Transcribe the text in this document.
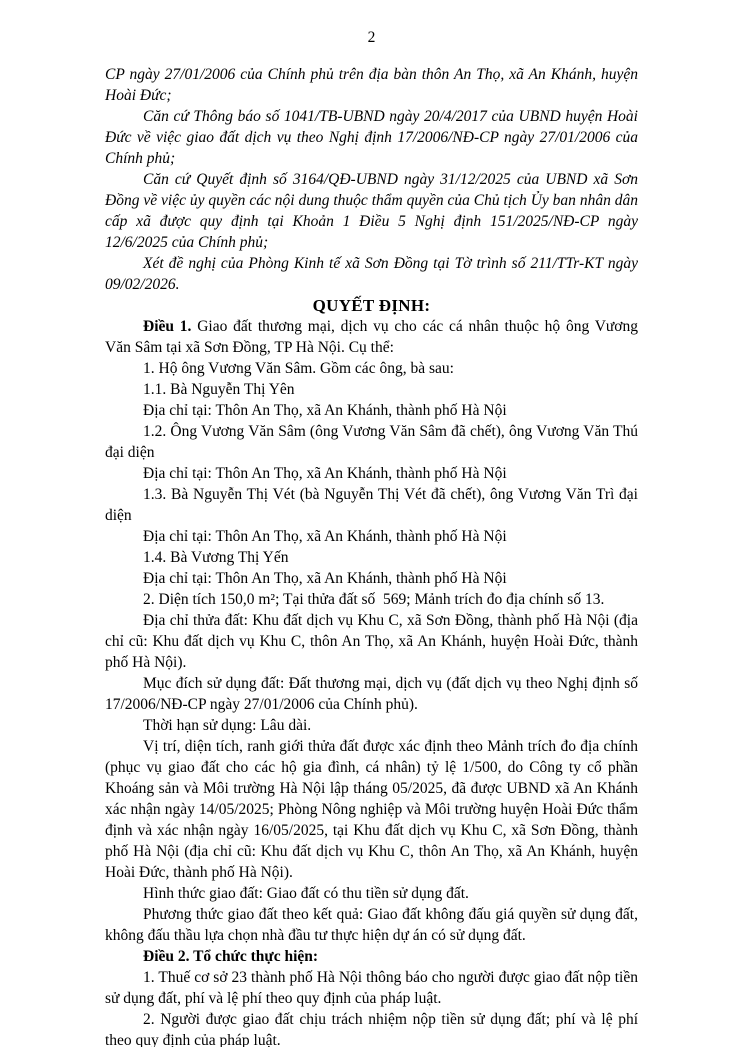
2

CP ngày 27/01/2006 của Chính phủ trên địa bàn thôn An Thọ, xã An Khánh, huyện Hoài Đức;

Căn cứ Thông báo số 1041/TB-UBND ngày 20/4/2017 của UBND huyện Hoài Đức về việc giao đất dịch vụ theo Nghị định 17/2006/NĐ-CP ngày 27/01/2006 của Chính phủ;

Căn cứ Quyết định số 3164/QĐ-UBND ngày 31/12/2025 của UBND xã Sơn Đồng về việc ủy quyền các nội dung thuộc thẩm quyền của Chủ tịch Ủy ban nhân dân cấp xã được quy định tại Khoản 1 Điều 5 Nghị định 151/2025/NĐ-CP ngày 12/6/2025 của Chính phủ;

Xét đề nghị của Phòng Kinh tế xã Sơn Đồng tại Tờ trình số 211/TTr-KT ngày 09/02/2026.

QUYẾT ĐỊNH:

Điều 1. Giao đất thương mại, dịch vụ cho các cá nhân thuộc hộ ông Vương Văn Sâm tại xã Sơn Đồng, TP Hà Nội. Cụ thể:

1. Hộ ông Vương Văn Sâm. Gồm các ông, bà sau:

1.1. Bà Nguyễn Thị Yên

Địa chỉ tại: Thôn An Thọ, xã An Khánh, thành phố Hà Nội

1.2. Ông Vương Văn Sâm (ông Vương Văn Sâm đã chết), ông Vương Văn Thú đại diện

Địa chỉ tại: Thôn An Thọ, xã An Khánh, thành phố Hà Nội

1.3. Bà Nguyễn Thị Vét (bà Nguyễn Thị Vét đã chết), ông Vương Văn Trì đại diện

Địa chỉ tại: Thôn An Thọ, xã An Khánh, thành phố Hà Nội

1.4. Bà Vương Thị Yến

Địa chỉ tại: Thôn An Thọ, xã An Khánh, thành phố Hà Nội

2. Diện tích 150,0 m²; Tại thửa đất số  569; Mảnh trích đo địa chính số 13.

Địa chỉ thửa đất: Khu đất dịch vụ Khu C, xã Sơn Đồng, thành phố Hà Nội (địa chỉ cũ: Khu đất dịch vụ Khu C, thôn An Thọ, xã An Khánh, huyện Hoài Đức, thành phố Hà Nội).

Mục đích sử dụng đất: Đất thương mại, dịch vụ (đất dịch vụ theo Nghị định số 17/2006/NĐ-CP ngày 27/01/2006 của Chính phủ).

Thời hạn sử dụng: Lâu dài.

Vị trí, diện tích, ranh giới thửa đất được xác định theo Mảnh trích đo địa chính (phục vụ giao đất cho các hộ gia đình, cá nhân) tỷ lệ 1/500, do Công ty cổ phần Khoáng sản và Môi trường Hà Nội lập tháng 05/2025, đã được UBND xã An Khánh xác nhận ngày 14/05/2025; Phòng Nông nghiệp và Môi trường huyện Hoài Đức thẩm định và xác nhận ngày 16/05/2025, tại Khu đất dịch vụ Khu C, xã Sơn Đồng, thành phố Hà Nội (địa chỉ cũ: Khu đất dịch vụ Khu C, thôn An Thọ, xã An Khánh, huyện Hoài Đức, thành phố Hà Nội).

Hình thức giao đất: Giao đất có thu tiền sử dụng đất.

Phương thức giao đất theo kết quả: Giao đất không đấu giá quyền sử dụng đất, không đấu thầu lựa chọn nhà đầu tư thực hiện dự án có sử dụng đất.

Điều 2. Tổ chức thực hiện:

1. Thuế cơ sở 23 thành phố Hà Nội thông báo cho người được giao đất nộp tiền sử dụng đất, phí và lệ phí theo quy định của pháp luật.

2. Người được giao đất chịu trách nhiệm nộp tiền sử dụng đất; phí và lệ phí theo quy định của pháp luật.
